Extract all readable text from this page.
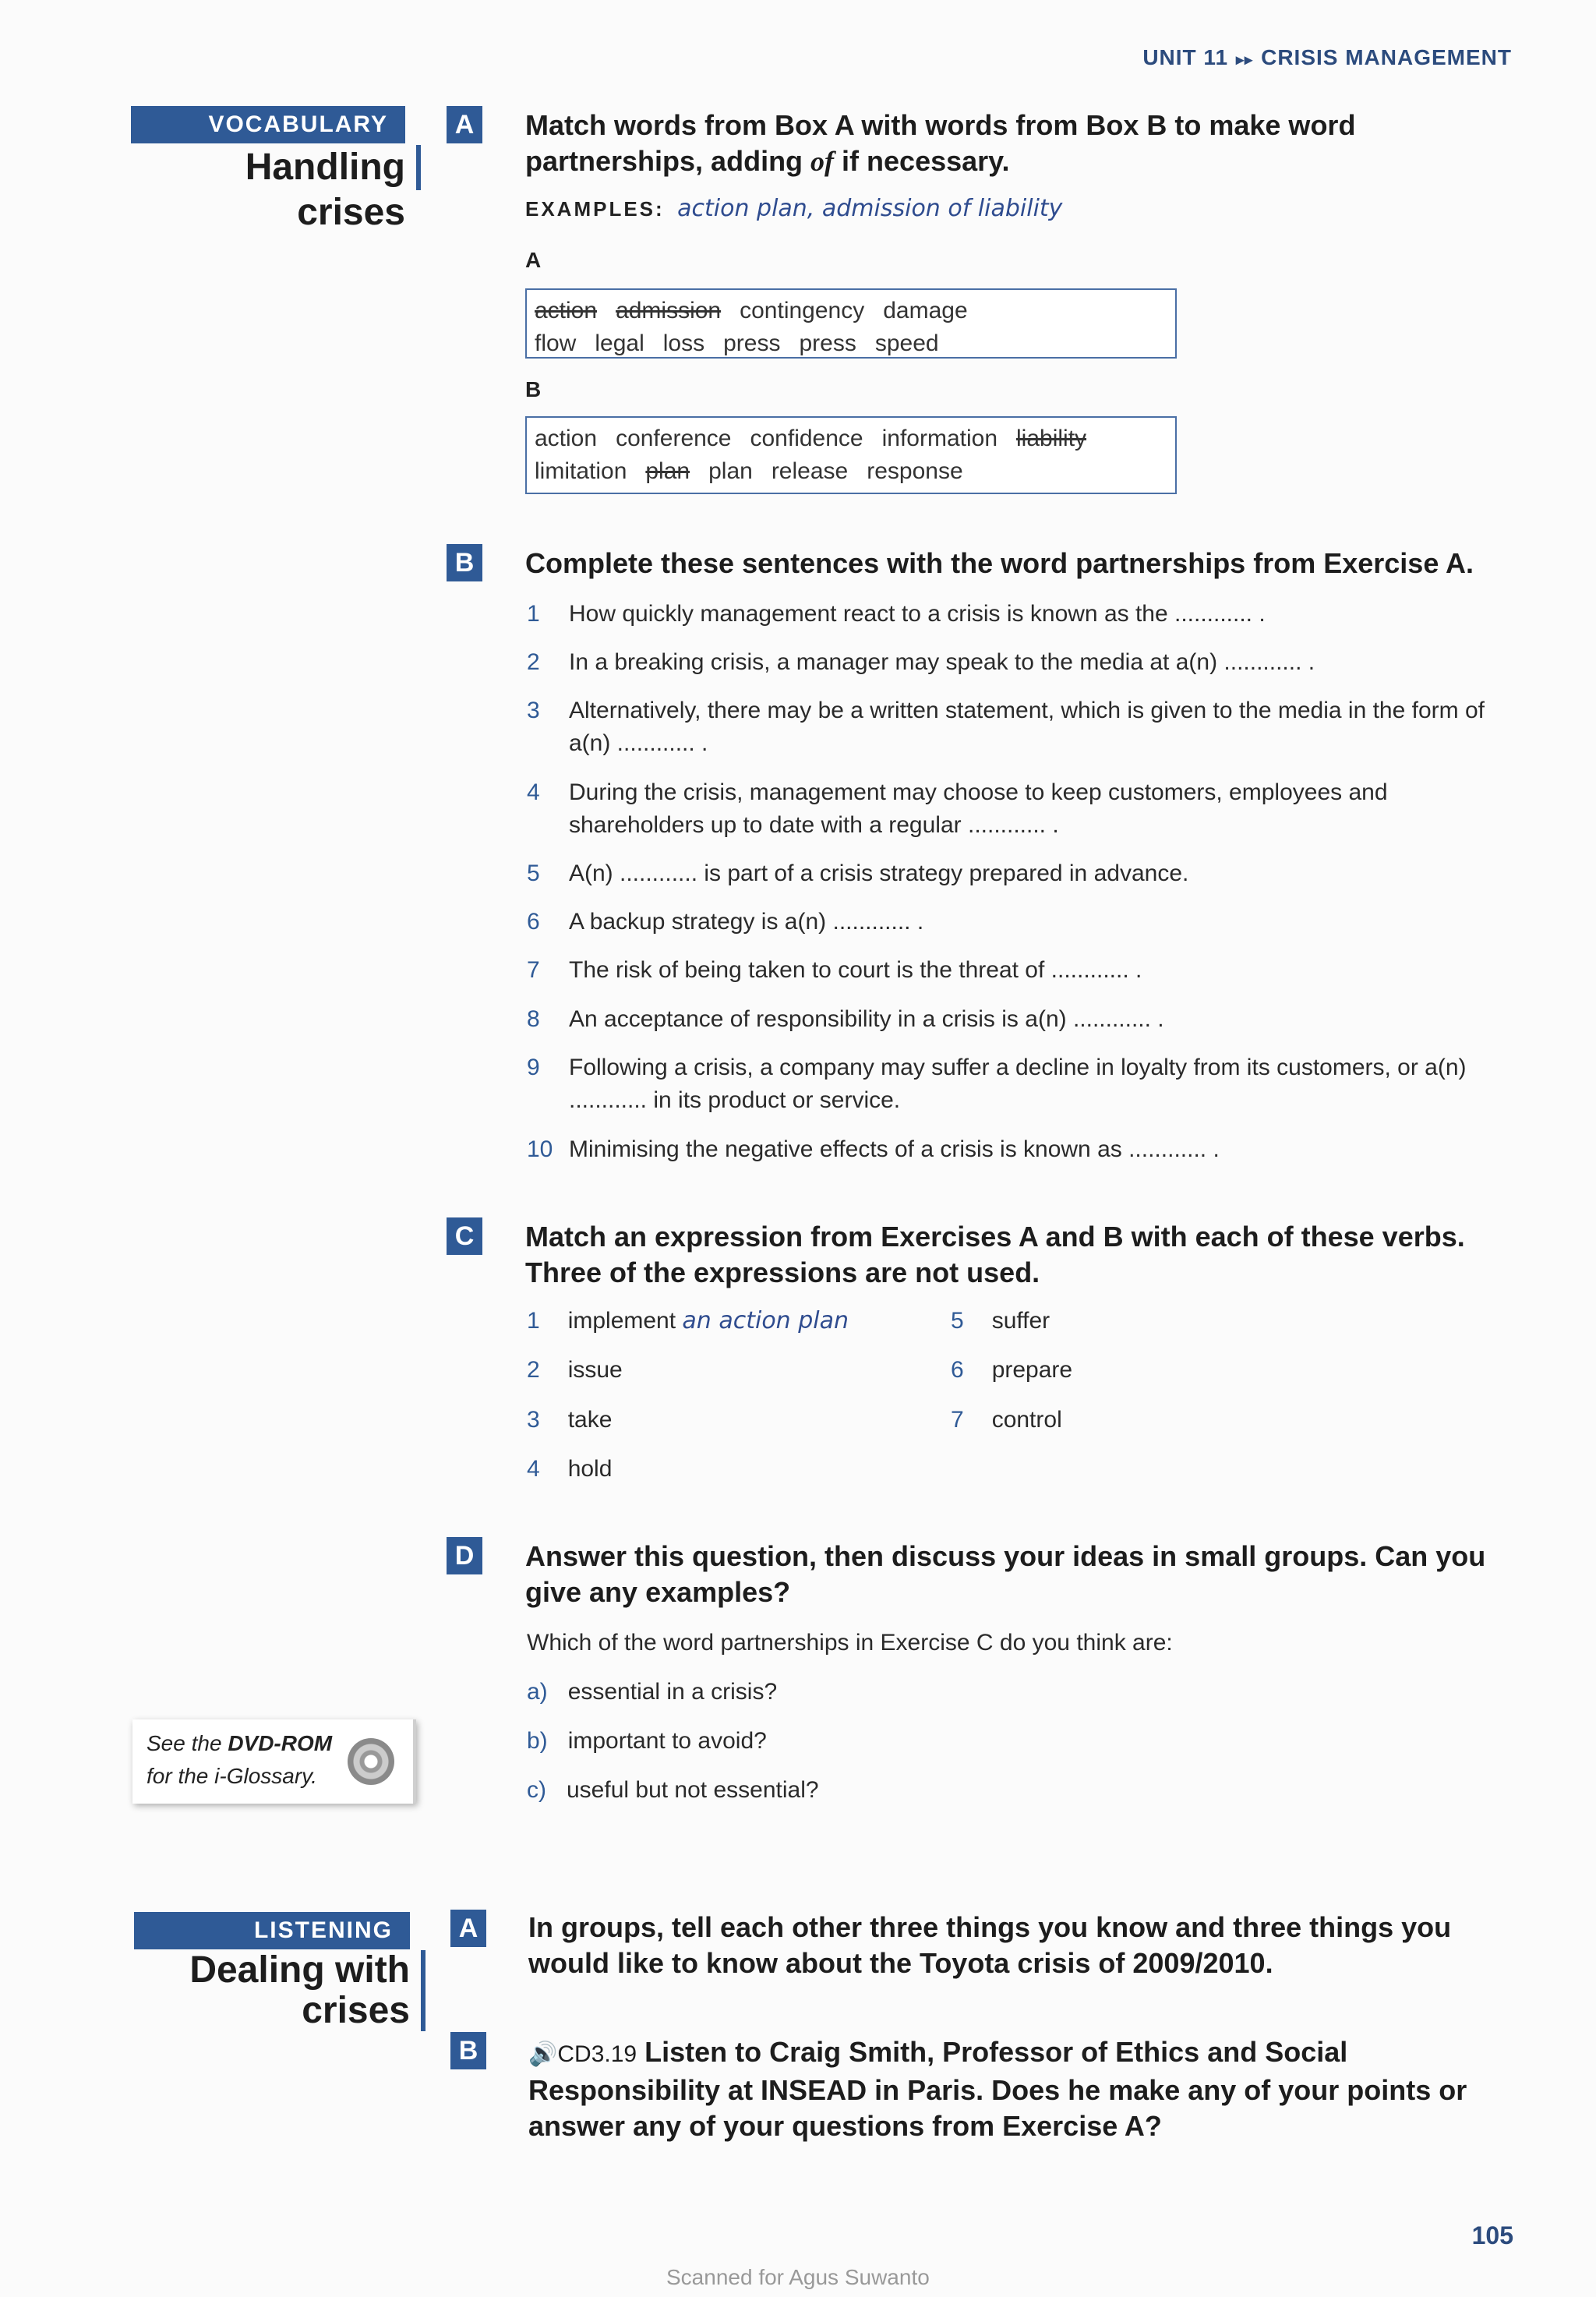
UNIT 11 ▸▸ CRISIS MANAGEMENT
VOCABULARY
Handling crises
A Match words from Box A with words from Box B to make word partnerships, adding of if necessary.
EXAMPLES: action plan, admission of liability
A
action admission contingency damage
flow legal loss press press speed
B
action conference confidence information liability
limitation plan plan release response
B Complete these sentences with the word partnerships from Exercise A.
1 How quickly management react to a crisis is known as the ............ .
2 In a breaking crisis, a manager may speak to the media at a(n) ............ .
3 Alternatively, there may be a written statement, which is given to the media in the form of a(n) ............ .
4 During the crisis, management may choose to keep customers, employees and shareholders up to date with a regular ............ .
5 A(n) ............ is part of a crisis strategy prepared in advance.
6 A backup strategy is a(n) ............ .
7 The risk of being taken to court is the threat of ............ .
8 An acceptance of responsibility in a crisis is a(n) ............ .
9 Following a crisis, a company may suffer a decline in loyalty from its customers, or a(n) ............ in its product or service.
10 Minimising the negative effects of a crisis is known as ............ .
C Match an expression from Exercises A and B with each of these verbs. Three of the expressions are not used.
1 implement an action plan
2 issue
3 take
4 hold
5 suffer
6 prepare
7 control
D Answer this question, then discuss your ideas in small groups. Can you give any examples?
Which of the word partnerships in Exercise C do you think are:
a) essential in a crisis?
b) important to avoid?
c) useful but not essential?
See the DVD-ROM
for the i-Glossary.
LISTENING
Dealing with
crises
A In groups, tell each other three things you know and three things you would like to know about the Toyota crisis of 2009/2010.
B	🔊CD3.19 Listen to Craig Smith, Professor of Ethics and Social Responsibility at INSEAD in Paris. Does he make any of your points or answer any of your questions from Exercise A?
105
Scanned for Agus Suwanto
